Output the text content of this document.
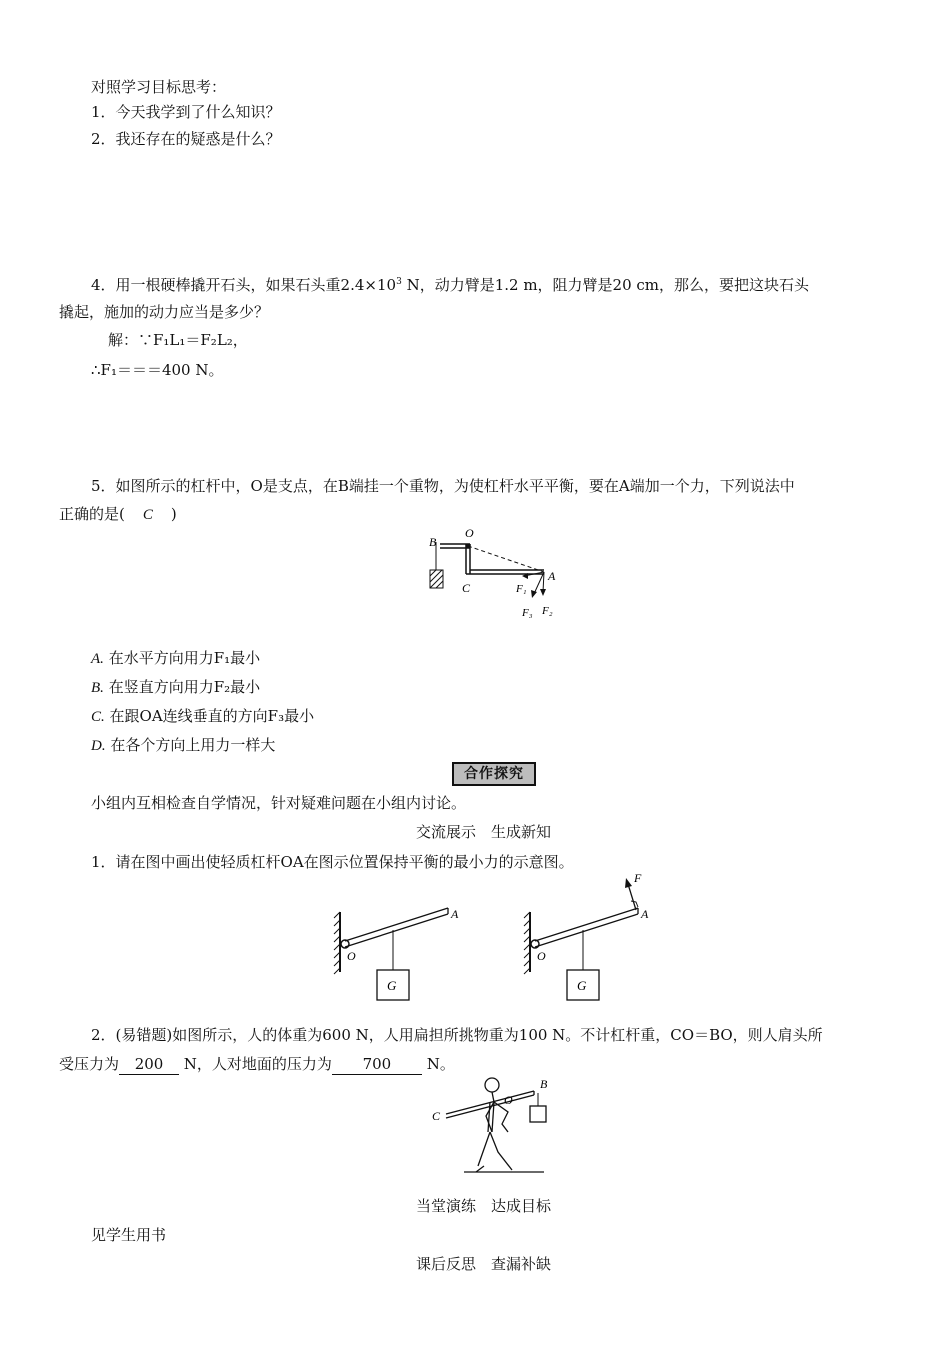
对照学习目标思考：
1．今天我学到了什么知识？
2．我还存在的疑惑是什么？
4．用一根硬棒撬开石头，如果石头重$2.4\times 10^3$ N，动力臂是1.2 m，阻力臂是20 cm，那么，要把这块石头
撬起，施加的动力应当是多少？
解：∵F₁L₁＝F₂L₂，
∴F₁＝＝＝400 N。
5．如图所示的杠杆中，O是支点，在B端挂一个重物，为使杠杆水平平衡，要在A端加一个力，下列说法中
正确的是( C )
B
O
A
C	F₁
F₃ F₂
A. 在水平方向用力F₁最小
B. 在竖直方向用力F₂最小
C. 在跟OA连线垂直的方向F₃最小
D. 在各个方向上用力一样大
合作探究
小组内互相检查自学情况，针对疑难问题在小组内讨论。
交流展示　生成新知
1．请在图中画出使轻质杠杆OA在图示位置保持平衡的最小力的示意图。
A
O
G
A
O
G
F
2．(易错题)如图所示，人的体重为600 N，人用扁担所挑物重为100 N。不计杠杆重，CO＝BO，则人肩头所
受压力为 200 N，人对地面的压力为 700 N。
B
C
O
当堂演练　达成目标
见学生用书
课后反思　查漏补缺
